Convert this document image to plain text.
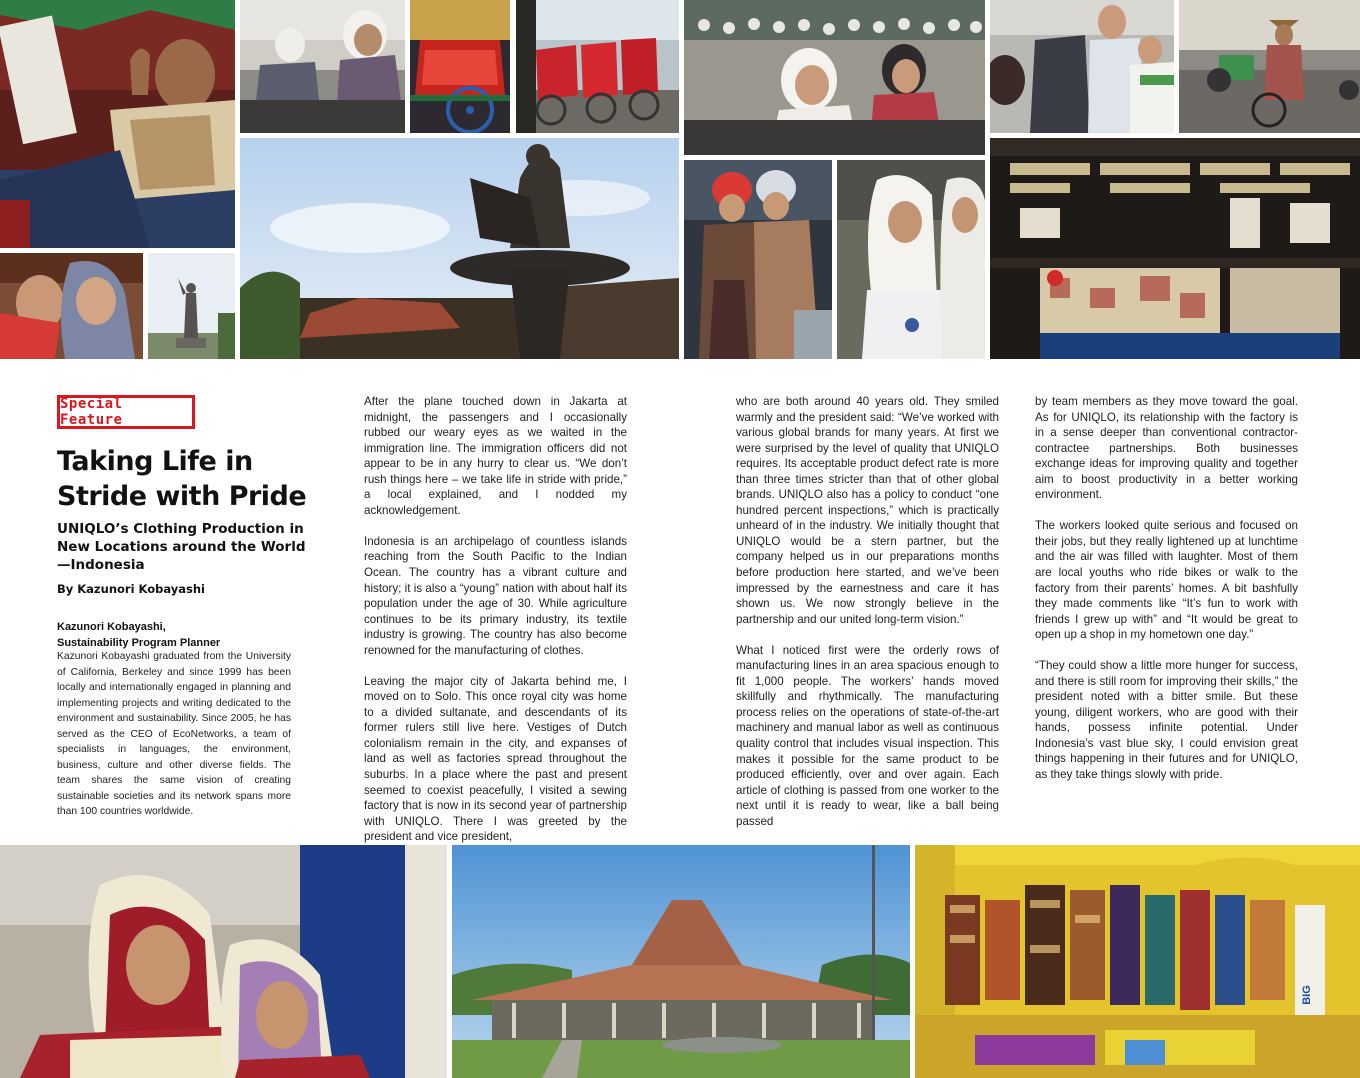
Special Feature
Taking Life in Stride with Pride
UNIQLO’s Clothing Production in New Locations around the World —Indonesia
By Kazunori Kobayashi
Kazunori Kobayashi,
Sustainability Program Planner
Kazunori Kobayashi graduated from the University of California, Berkeley and since 1999 has been locally and internationally engaged in planning and implementing projects and writing dedicated to the environment and sustainability. Since 2005, he has served as the CEO of EcoNetworks, a team of specialists in languages, the environment, business, culture and other diverse fields. The team shares the same vision of creating sustainable societies and its network spans more than 100 countries worldwide.

After the plane touched down in Jakarta at midnight, the passengers and I occasionally rubbed our weary eyes as we waited in the immigration line. The immigration officers did not appear to be in any hurry to clear us. “We don’t rush things here – we take life in stride with pride,” a local explained, and I nodded my acknowledgement.

Indonesia is an archipelago of countless islands reaching from the South Pacific to the Indian Ocean. The country has a vibrant culture and history; it is also a “young” nation with about half its population under the age of 30. While agriculture continues to be its primary industry, its textile industry is growing. The country has also become renowned for the manufacturing of clothes.

Leaving the major city of Jakarta behind me, I moved on to Solo. This once royal city was home to a divided sultanate, and descendants of its former rulers still live here. Vestiges of Dutch colonialism remain in the city, and expanses of land as well as factories spread throughout the suburbs. In a place where the past and present seemed to coexist peacefully, I visited a sewing factory that is now in its second year of partnership with UNIQLO. There I was greeted by the president and vice president,

who are both around 40 years old. They smiled warmly and the president said: “We’ve worked with various global brands for many years. At first we were surprised by the level of quality that UNIQLO requires. Its acceptable product defect rate is more than three times stricter than that of other global brands. UNIQLO also has a policy to conduct “one hundred percent inspections,” which is practically unheard of in the industry. We initially thought that UNIQLO would be a stern partner, but the company helped us in our preparations months before production here started, and we’ve been impressed by the earnestness and care it has shown us. We now strongly believe in the partnership and our united long-term vision.”

What I noticed first were the orderly rows of manufacturing lines in an area spacious enough to fit 1,000 people. The workers’ hands moved skillfully and rhythmically. The manufacturing process relies on the operations of state-of-the-art machinery and manual labor as well as continuous quality control that includes visual inspection. This makes it possible for the same product to be produced efficiently, over and over again. Each article of clothing is passed from one worker to the next until it is ready to wear, like a ball being passed

by team members as they move toward the goal. As for UNIQLO, its relationship with the factory is in a sense deeper than conventional contractor-contractee partnerships. Both businesses exchange ideas for improving quality and together aim to boost productivity in a better working environment.

The workers looked quite serious and focused on their jobs, but they really lightened up at lunchtime and the air was filled with laughter. Most of them are local youths who ride bikes or walk to the factory from their parents’ homes. A bit bashfully they made comments like “It’s fun to work with friends I grew up with” and “It would be great to open up a shop in my hometown one day.”

“They could show a little more hunger for success, and there is still room for improving their skills,” the president noted with a bitter smile. But these young, diligent workers, who are good with their hands, possess infinite potential. Under Indonesia’s vast blue sky, I could envision great things happening in their futures and for UNIQLO, as they take things slowly with pride.

BIG
